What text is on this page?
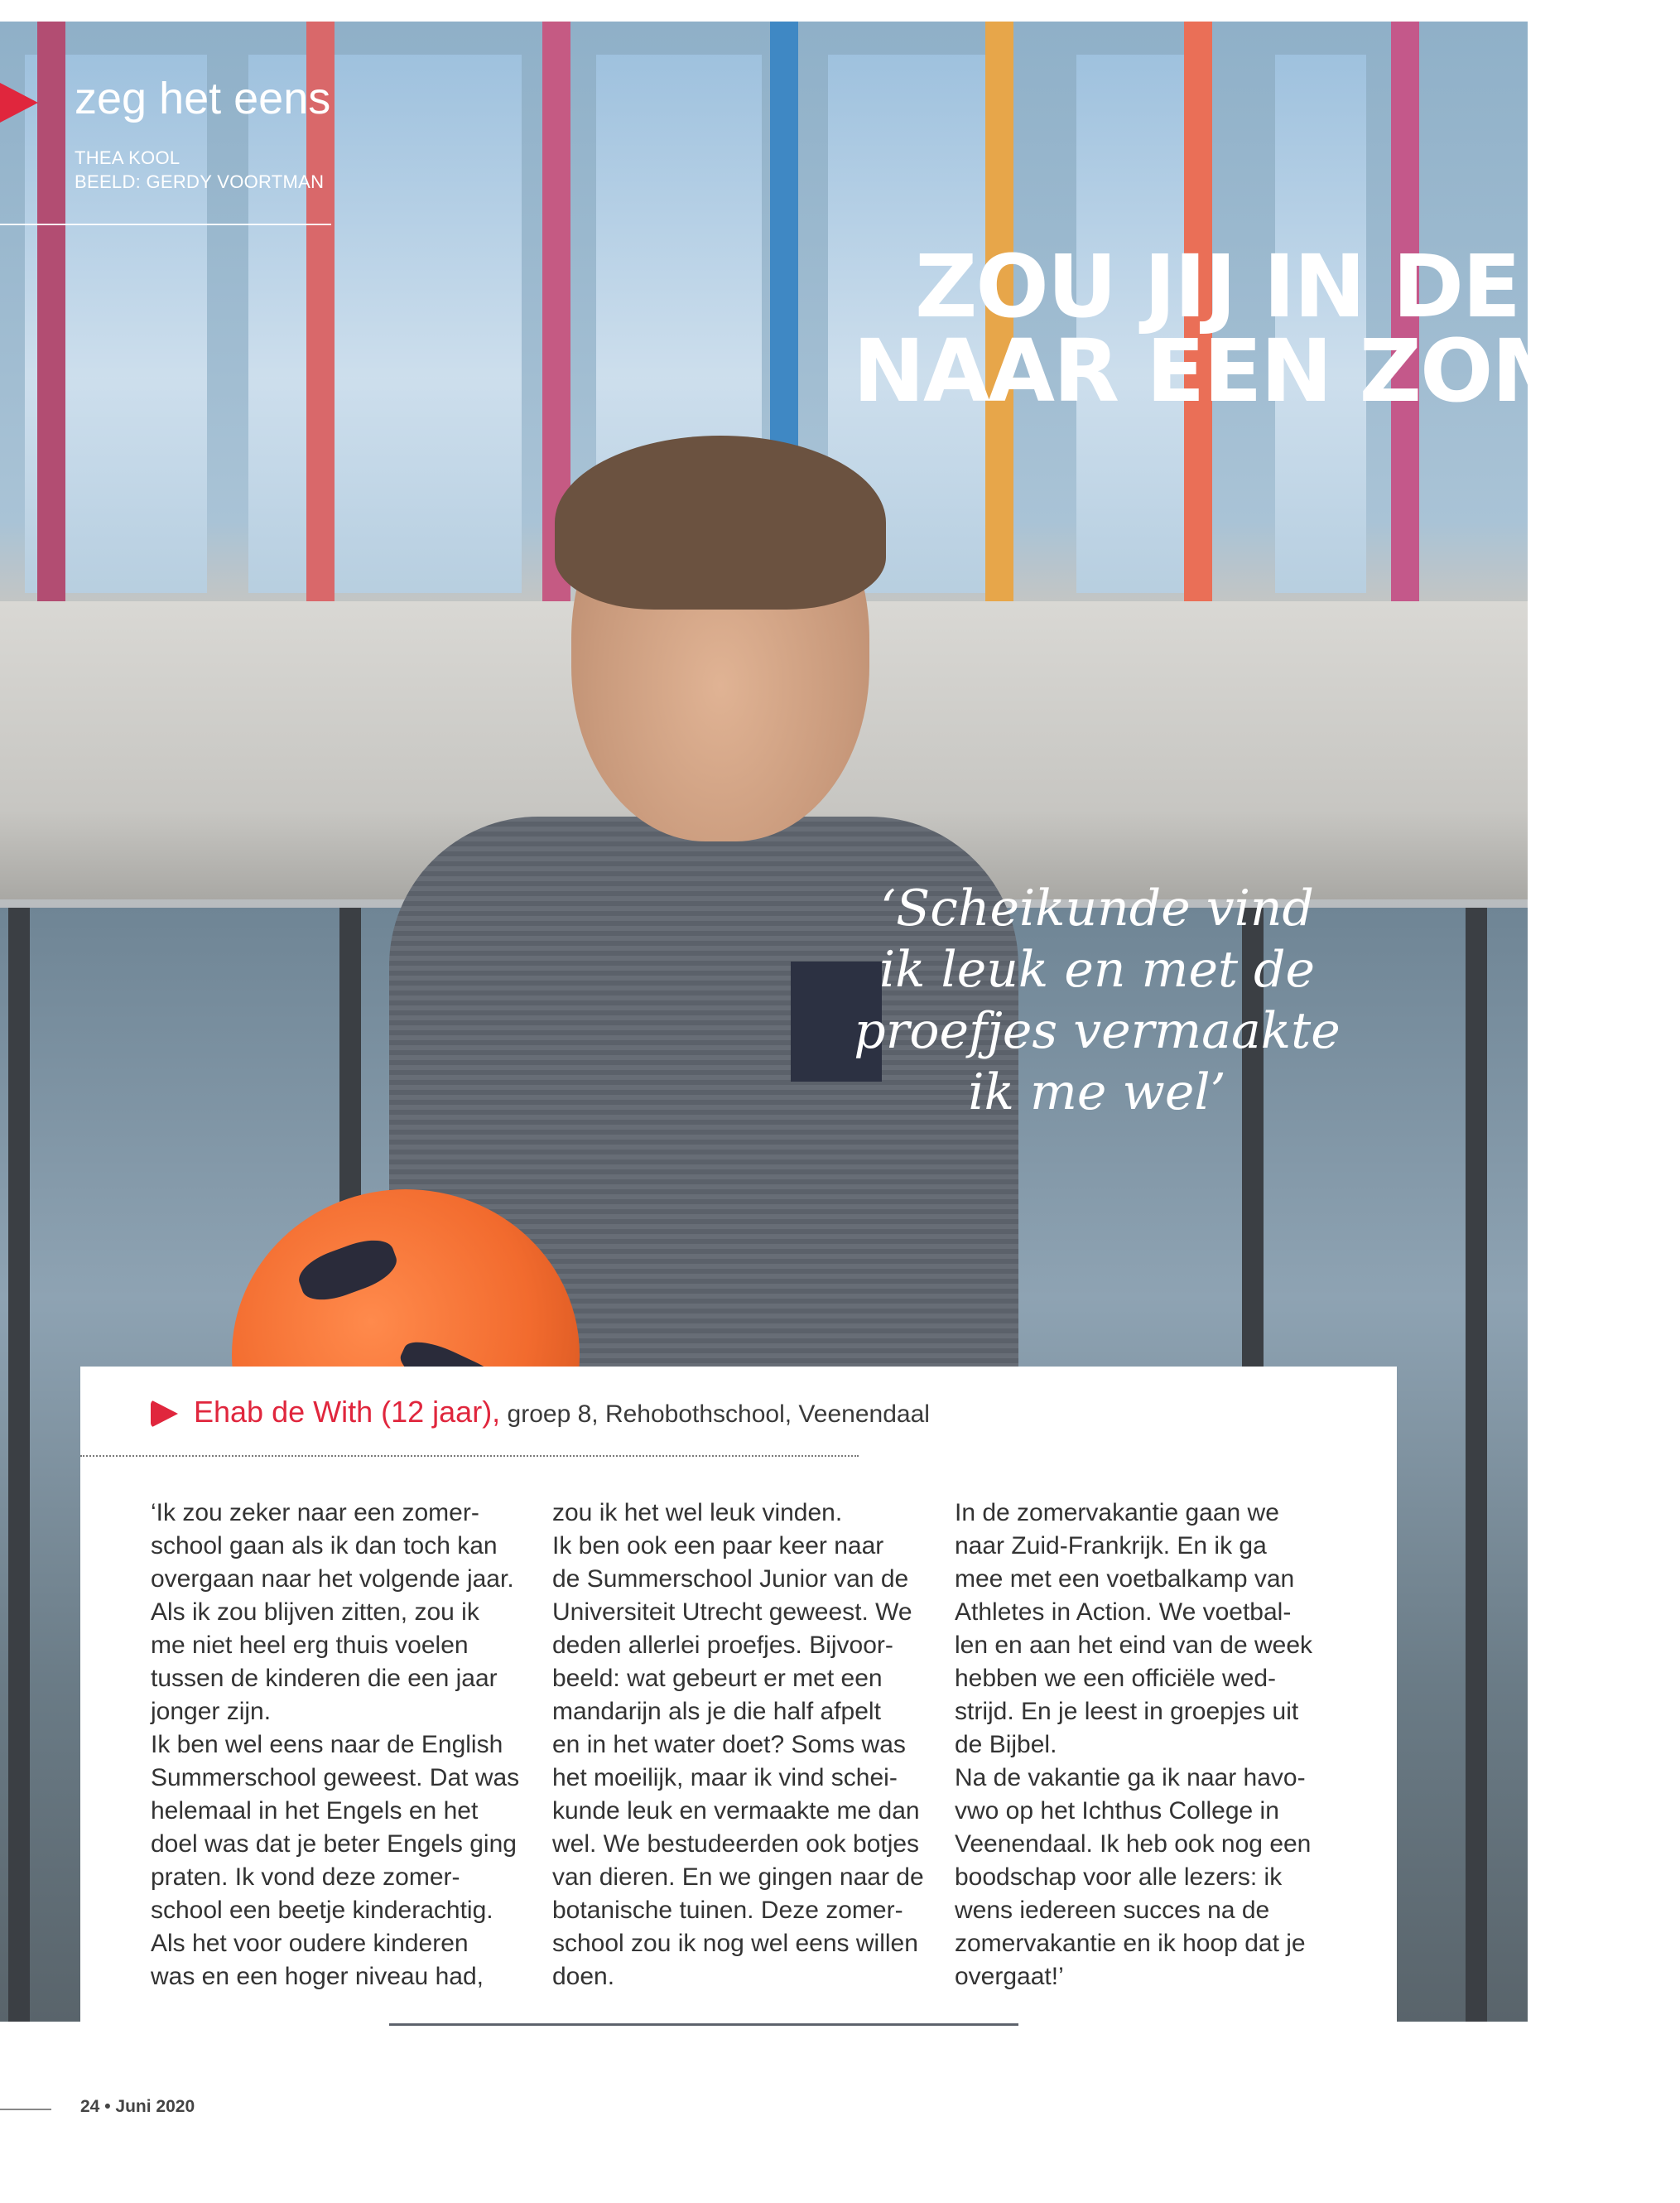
zeg het eens
THEA KOOL
BEELD: GERDY VOORTMAN
ZOU JIJ IN DE ZO
NAAR EEN ZOMEI
‘Scheikunde vind
ik leuk en met de
proefjes vermaakte
ik me wel’
Ehab de With (12 jaar), groep 8, Rehobothschool, Veenendaal

‘Ik zou zeker naar een zomer-

school gaan als ik dan toch kan

overgaan naar het volgende jaar.

Als ik zou blijven zitten, zou ik

me niet heel erg thuis voelen

tussen de kinderen die een jaar

jonger zijn.

Ik ben wel eens naar de English

Summerschool geweest. Dat was

helemaal in het Engels en het

doel was dat je beter Engels ging

praten. Ik vond deze zomer-

school een beetje kinderachtig.

Als het voor oudere kinderen

was en een hoger niveau had,

zou ik het wel leuk vinden.

Ik ben ook een paar keer naar

de Summerschool Junior van de

Universiteit Utrecht geweest. We

deden allerlei proefjes. Bijvoor-

beeld: wat gebeurt er met een

mandarijn als je die half afpelt

en in het water doet? Soms was

het moeilijk, maar ik vind schei-

kunde leuk en vermaakte me dan

wel. We bestudeerden ook botjes

van dieren. En we gingen naar de

botanische tuinen. Deze zomer-

school zou ik nog wel eens willen

doen.

In de zomervakantie gaan we

naar Zuid-Frankrijk. En ik ga

mee met een voetbalkamp van

Athletes in Action. We voetbal-

len en aan het eind van de week

hebben we een officiële wed-

strijd. En je leest in groepjes uit

de Bijbel.

Na de vakantie ga ik naar havo-

vwo op het Ichthus College in

Veenendaal. Ik heb ook nog een

boodschap voor alle lezers: ik

wens iedereen succes na de

zomervakantie en ik hoop dat je

overgaat!’

24 • Juni 2020
